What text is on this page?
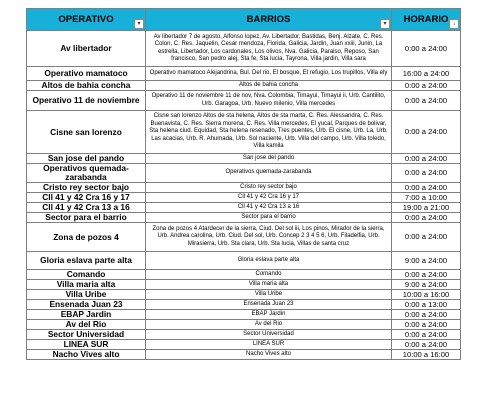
OPERATIVO ▾	BARRIOS ▾	HORARIO ↓

Av libertador	Av libertador 7 de agosto, Alfonso lopez, Av. Libertador, Bastidas, Benj. Alzate, C. Res. Colon, C. Res. Jaquelin, Cesar mendoza, Florida, Galicia, Jardin, Juan xxiii, Junin, La estrella, Libertador, Los cardonales, Los olivos, Nva. Galicia, Paraiso, Reposo, San francisco, San pedro alej, Sta fe, Sta lucia, Tayrona, Villa jardin, Villa sara	0:00 a 24:00
Operativo mamatoco	Operativo mamatoco Alejandrina, Bul. Del rio, El bosque, El refugio, Los trupillos, Villa ely	16:00 a 24:00
Altos de bahia concha	Altos de bahia concha	0:00 a 24:00
Operativo 11 de noviembre	Operativo 11 de noviembre 11 de nov, Nva. Colombia, Timayui, Timayui ii, Urb. Cantilito, Urb. Garagoa, Urb. Nuevo milenio, Villa mercedes	0:00 a 24:00
Cisne san lorenzo	Cisne san lorenzo Altos de sta helena, Altos de sta marta, C. Res. Alessandra, C. Res. Buenavista, C. Res. Sierra morena, C. Res. Villa mercedes, El yucal, Parques de bolivar, Sta helena ciud. Equidad, Sta helena resenado, Tres puentes, Urb. El cisne, Urb. La, Urb. Las acacias, Urb. R. Ahumada, Urb. Sol naciente, Urb. Villa del campo, Urb. Villa toledo, Villa kamila	0:00 a 24:00
San jose del pando	San jose del pando	0:00 a 24:00
Operativos quemada-zarabanda	Operativos quemada-zarabanda	0:00 a 24:00
Cristo rey sector bajo	Cristo rey sector bajo	0:00 a 24:00
Cll 41 y 42 Cra 16 y 17	Cll 41 y 42 Cra 16 y 17	7:00 a 10:00
Cll 41 y 42 Cra 13 a 16	Cll 41 y 42 Cra 13 a 16	19:00 a 21:00
Sector para el barrio	Sector para el barrio	0:00 a 24:00
Zona de pozos 4	Zona de pozos 4 Atardecer de la sierra, Ciud. Del sol iii, Los pinos, Mirador de la sierra, Urb. Andrea carolina, Urb. Ciud. Del sol, Urb. Concep 2 3 4 5 6, Urb. Filadelfia, Urb. Mirasierra, Urb. Sta clara, Urb. Sta lucia, Villas de santa cruz	0:00 a 24:00
Gloria eslava parte alta	Gloria eslava parte alta	9:00 a 24:00
Comando	Comando	0:00 a 24:00
Villa maria alta	Villa maria alta	9:00 a 24:00
Villa Uribe	Villa Uribe	10:00 a 16:00
Ensenada Juan 23	Ensenada Juan 23	0:00 a 13:00
EBAP Jardin	EBAP Jardin	0:00 a 24:00
Av del Rio	Av del Rio	0:00 a 24:00
Sector Universidad	Sector Universidad	0:00 a 24:00
LINEA SUR	LINEA SUR	0:00 a 24:00
Nacho Vives alto	Nacho Vives alto	10:00 a 16:00
